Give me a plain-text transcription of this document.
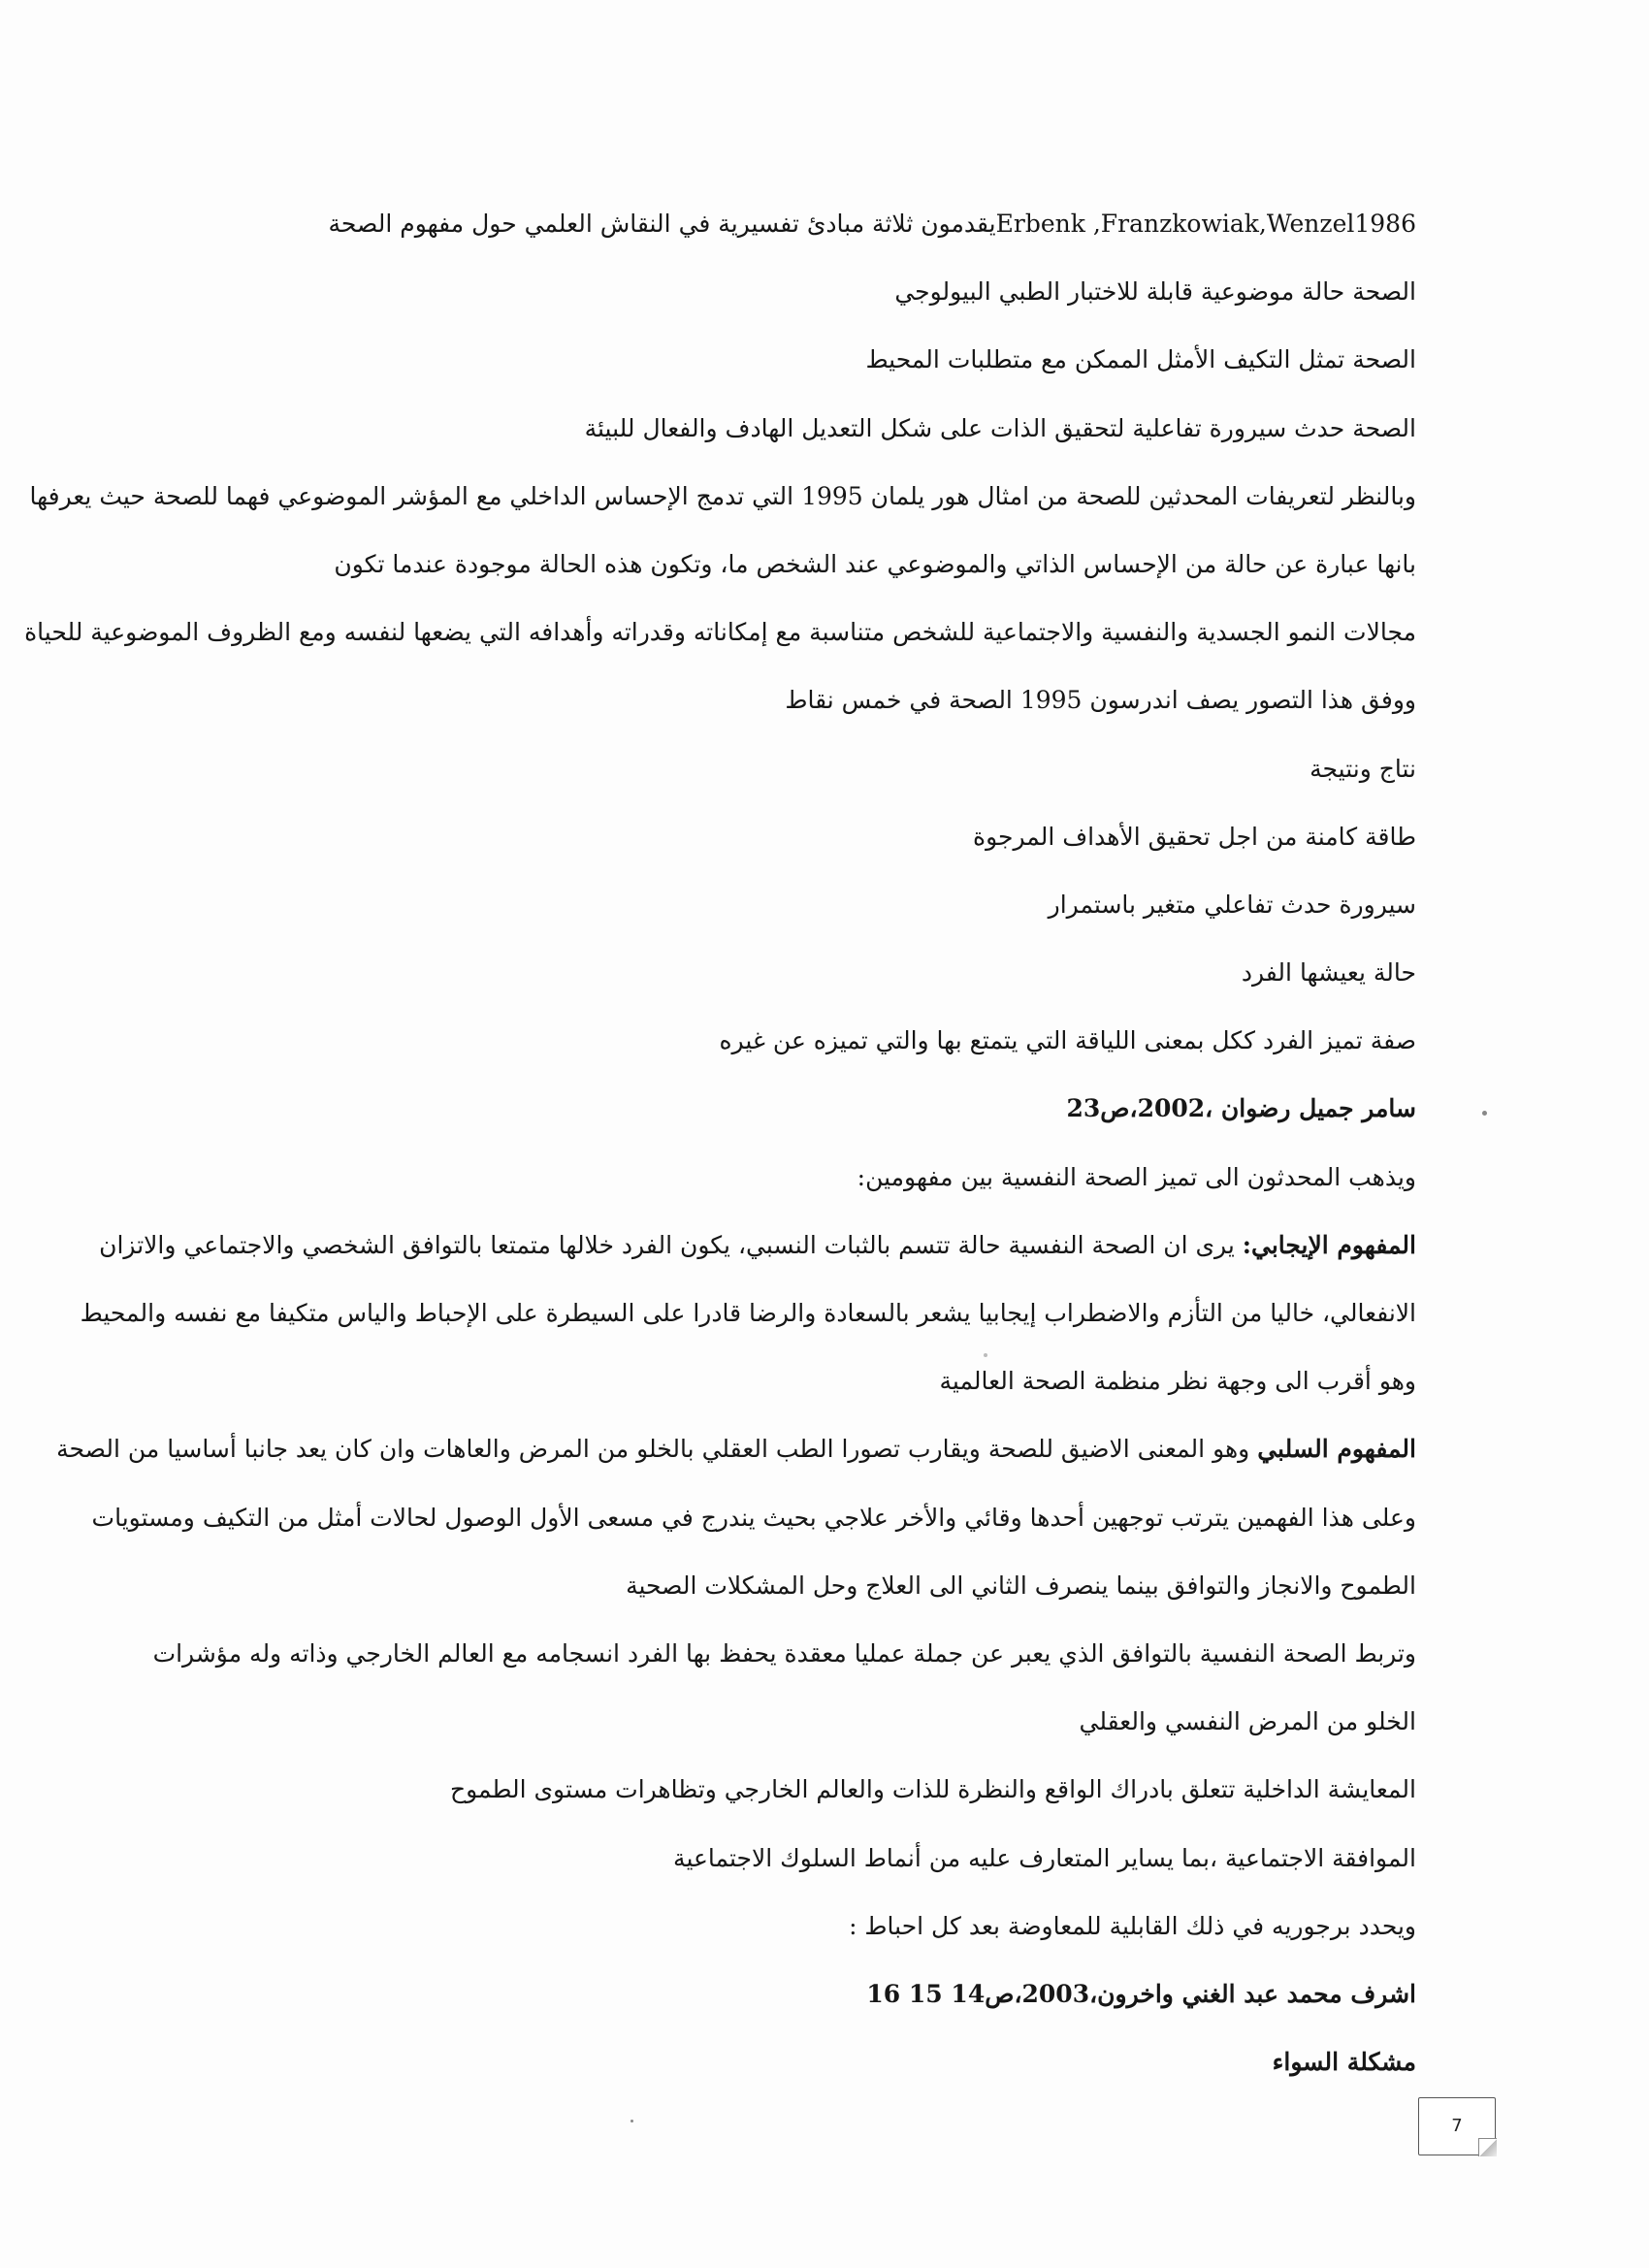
Erbenk ,Franzkowiak,Wenzel1986يقدمون ثلاثة مبادئ تفسيرية في النقاش العلمي حول مفهوم الصحة
الصحة حالة موضوعية قابلة للاختبار الطبي البيولوجي
الصحة تمثل التكيف الأمثل الممكن مع متطلبات المحيط
الصحة حدث سيرورة تفاعلية لتحقيق الذات على شكل التعديل الهادف والفعال للبيئة
وبالنظر لتعريفات المحدثين للصحة من امثال هور يلمان 1995 التي تدمج الإحساس الداخلي مع المؤشر الموضوعي فهما للصحة حيث يعرفها
بانها عبارة عن حالة من الإحساس الذاتي والموضوعي عند الشخص ما، وتكون هذه الحالة موجودة عندما تكون
مجالات النمو الجسدية والنفسية والاجتماعية للشخص متناسبة مع إمكاناته وقدراته وأهدافه التي يضعها لنفسه ومع الظروف الموضوعية للحياة
ووفق هذا التصور يصف اندرسون 1995 الصحة في خمس نقاط
نتاج ونتيجة
طاقة كامنة من اجل تحقيق الأهداف المرجوة
سيرورة حدث تفاعلي متغير باستمرار
حالة يعيشها الفرد
صفة تميز الفرد ككل بمعنى اللياقة التي يتمتع بها والتي تميزه عن غيره
سامر جميل رضوان ،2002،ص23
ويذهب المحدثون الى تميز الصحة النفسية بين مفهومين:
المفهوم الإيجابي: يرى ان الصحة النفسية حالة تتسم بالثبات النسبي، يكون الفرد خلالها متمتعا بالتوافق الشخصي والاجتماعي والاتزان
الانفعالي، خاليا من التأزم والاضطراب إيجابيا يشعر بالسعادة والرضا قادرا على السيطرة على الإحباط والياس متكيفا مع نفسه والمحيط
وهو أقرب الى وجهة نظر منظمة الصحة العالمية
المفهوم السلبي وهو المعنى الاضيق للصحة ويقارب تصورا الطب العقلي بالخلو من المرض والعاهات وان كان يعد جانبا أساسيا من الصحة
وعلى هذا الفهمين يترتب توجهين أحدها وقائي والأخر علاجي بحيث يندرج في مسعى الأول الوصول لحالات أمثل من التكيف ومستويات
الطموح والانجاز والتوافق بينما ينصرف الثاني الى العلاج وحل المشكلات الصحية
وتربط الصحة النفسية بالتوافق الذي يعبر عن جملة عمليا معقدة يحفظ بها الفرد انسجامه مع العالم الخارجي وذاته وله مؤشرات
الخلو من المرض النفسي والعقلي
المعايشة الداخلية تتعلق بادراك الواقع والنظرة للذات والعالم الخارجي وتظاهرات مستوى الطموح
الموافقة الاجتماعية ،بما يساير المتعارف عليه من أنماط السلوك الاجتماعية
ويحدد برجوريه في ذلك القابلية للمعاوضة بعد كل احباط :
اشرف محمد عبد الغني واخرون،2003،ص14 15 16
مشكلة السواء
7
